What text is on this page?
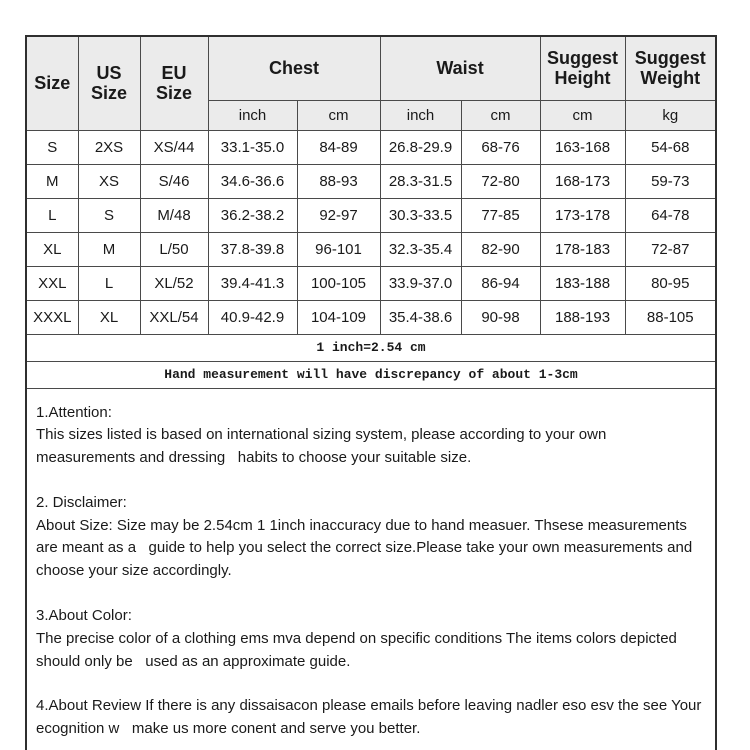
Size	US Size	EU Size	Chest		Waist		Suggest Height	Suggest Weight
			inch	cm	inch	cm	cm	kg
S	2XS	XS/44	33.1-35.0	84-89	26.8-29.9	68-76	163-168	54-68
M	XS	S/46	34.6-36.6	88-93	28.3-31.5	72-80	168-173	59-73
L	S	M/48	36.2-38.2	92-97	30.3-33.5	77-85	173-178	64-78
XL	M	L/50	37.8-39.8	96-101	32.3-35.4	82-90	178-183	72-87
XXL	L	XL/52	39.4-41.3	100-105	33.9-37.0	86-94	183-188	80-95
XXXL	XL	XXL/54	40.9-42.9	104-109	35.4-38.6	90-98	188-193	88-105
1 inch=2.54 cm								
Hand measurement will have discrepancy of about 1-3cm								

1.Attention:
This sizes listed is based on international sizing system, please according to your own measurements and dressing   habits to choose your suitable size.
2. Disclaimer:
About Size: Size may be 2.54cm 1 1inch inaccuracy due to hand measuer. Thsese measurements are meant as a   guide to help you select the correct size.Please take your own measurements and choose your size accordingly.
3.About Color:
The precise color of a clothing ems mva depend on specific conditions The items colors depicted should only be   used as an approximate guide.
4.About Review If there is any dissaisacon please emails before leaving nadler eso esv the see Your ecognition w   make us more conent and serve you better.
